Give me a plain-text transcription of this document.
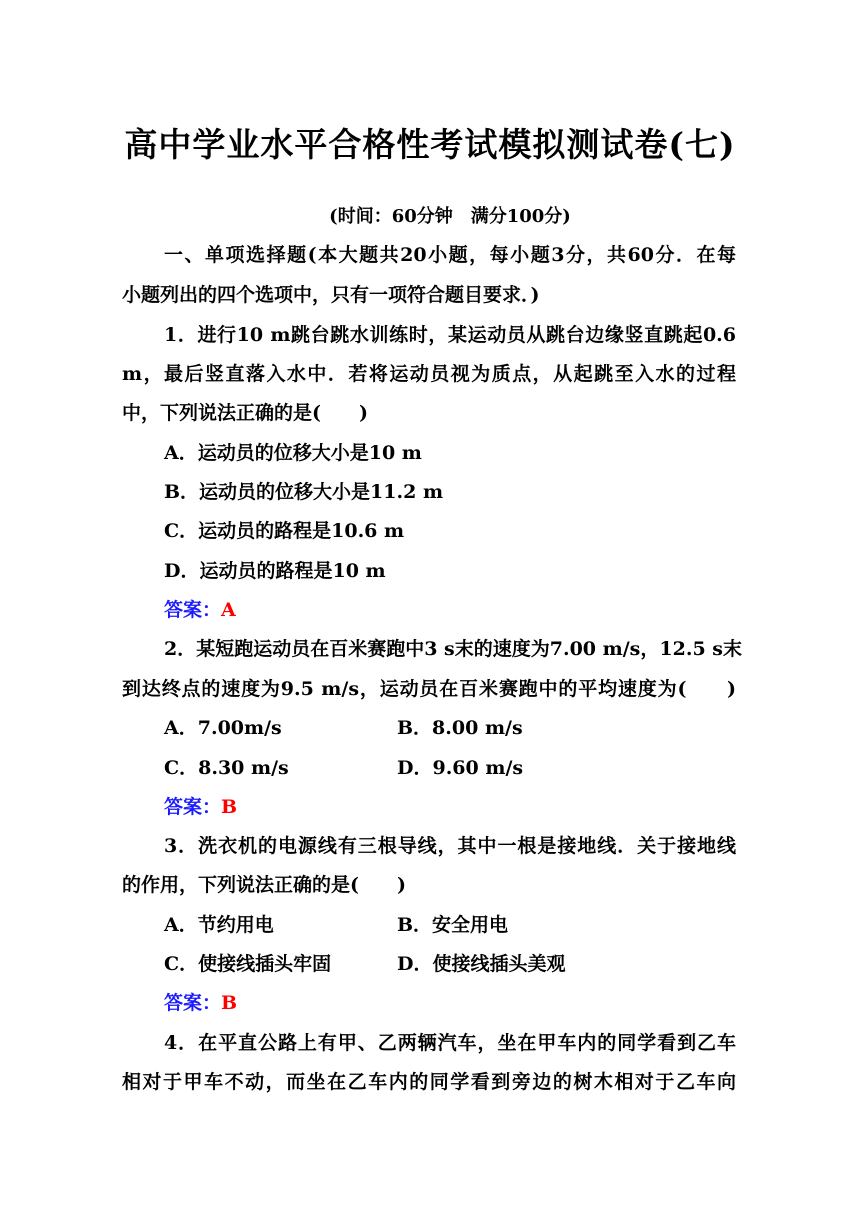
高中学业水平合格性考试模拟测试卷(七)
(时间：60分钟　满分100分)
一、单项选择题(本大题共20小题，每小题3分，共60分．在每
小题列出的四个选项中，只有一项符合题目要求．)
1．进行10 m跳台跳水训练时，某运动员从跳台边缘竖直跳起0.6
m，最后竖直落入水中．若将运动员视为质点，从起跳至入水的过程
中，下列说法正确的是(　　)
A．运动员的位移大小是10 m
B．运动员的位移大小是11.2 m
C．运动员的路程是10.6 m
D．运动员的路程是10 m
答案：A
2．某短跑运动员在百米赛跑中3 s末的速度为7.00 m/s，12.5 s末
到达终点的速度为9.5 m/s，运动员在百米赛跑中的平均速度为(　　)
A．7.00m/s	B．8.00 m/s
C．8.30 m/s	D．9.60 m/s
答案：B
3．洗衣机的电源线有三根导线，其中一根是接地线．关于接地线
的作用，下列说法正确的是(　　)
A．节约用电	B．安全用电
C．使接线插头牢固	D．使接线插头美观
答案：B
4．在平直公路上有甲、乙两辆汽车，坐在甲车内的同学看到乙车
相对于甲车不动，而坐在乙车内的同学看到旁边的树木相对于乙车向
